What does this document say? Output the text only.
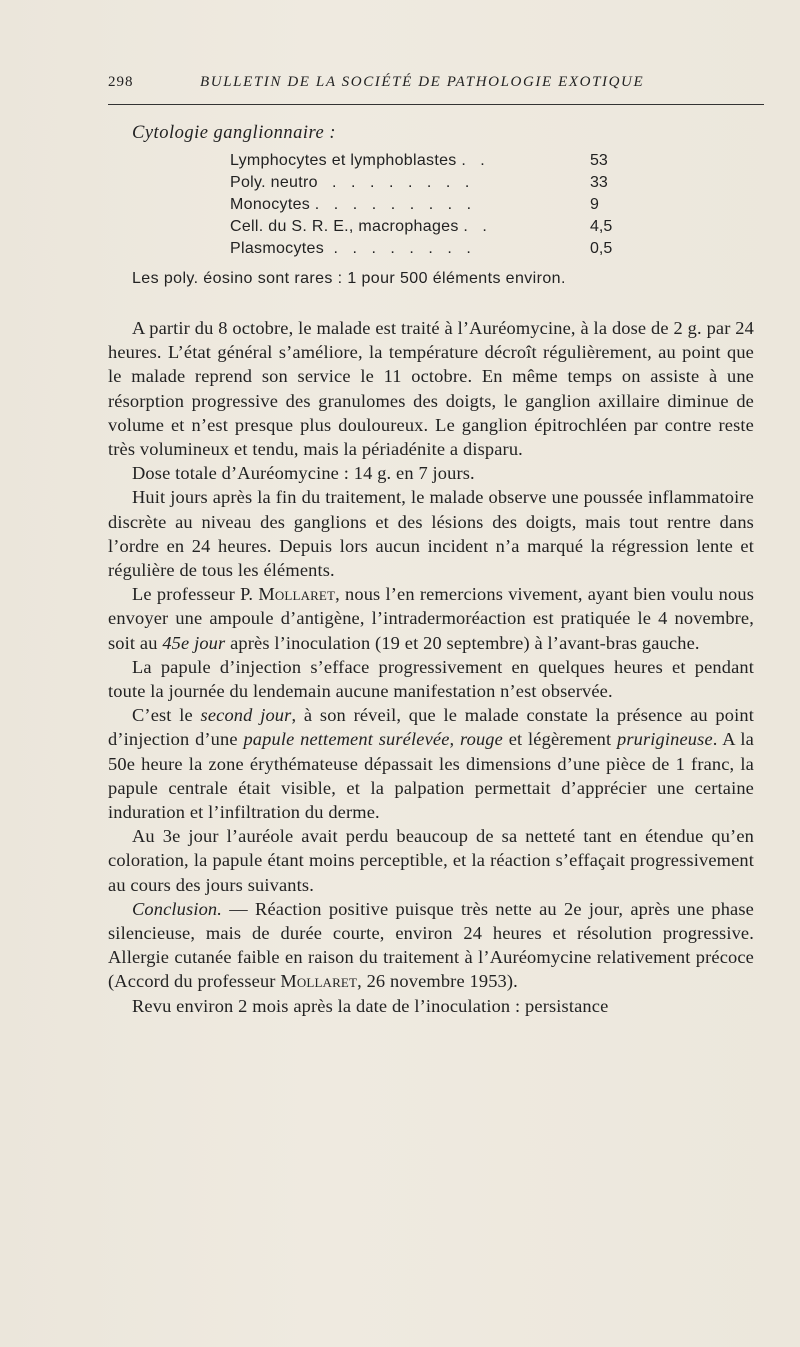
298	BULLETIN DE LA SOCIÉTÉ DE PATHOLOGIE EXOTIQUE
Cytologie ganglionnaire :
Lymphocytes et lymphoblastes .   .	53
Poly. neutro   .   .   .   .   .   .   .   .	33
Monocytes .   .   .   .   .   .   .   .   .	9
Cell. du S. R. E., macrophages .   .	4,5
Plasmocytes  .   .   .   .   .   .   .   .	0,5
Les poly. éosino sont rares : 1 pour 500 éléments environ.

A partir du 8 octobre, le malade est traité à l’Auréomycine, à la dose de 2 g. par 24 heures. L’état général s’améliore, la température décroît régulièrement, au point que le malade reprend son service le 11 octobre. En même temps on assiste à une résorption progressive des granulomes des doigts, le ganglion axillaire diminue de volume et n’est presque plus douloureux. Le ganglion épitrochléen par contre reste très volumineux et tendu, mais la périadénite a disparu.

Dose totale d’Auréomycine : 14 g. en 7 jours.

Huit jours après la fin du traitement, le malade observe une poussée inflammatoire discrète au niveau des ganglions et des lésions des doigts, mais tout rentre dans l’ordre en 24 heures. Depuis lors aucun incident n’a marqué la régression lente et régulière de tous les éléments.

Le professeur P. Mollaret, nous l’en remercions vivement, ayant bien voulu nous envoyer une ampoule d’antigène, l’intradermoréaction est pratiquée le 4 novembre, soit au 45e jour après l’inoculation (19 et 20 septembre) à l’avant-bras gauche.

La papule d’injection s’efface progressivement en quelques heures et pendant toute la journée du lendemain aucune manifestation n’est observée.

C’est le second jour, à son réveil, que le malade constate la présence au point d’injection d’une papule nettement surélevée, rouge et légèrement prurigineuse. A la 50e heure la zone érythémateuse dépassait les dimensions d’une pièce de 1 franc, la papule centrale était visible, et la palpation permettait d’apprécier une certaine induration et l’infiltration du derme.

Au 3e jour l’auréole avait perdu beaucoup de sa netteté tant en étendue qu’en coloration, la papule étant moins perceptible, et la réaction s’effaçait progressivement au cours des jours suivants.

Conclusion. — Réaction positive puisque très nette au 2e jour, après une phase silencieuse, mais de durée courte, environ 24 heures et résolution progressive. Allergie cutanée faible en raison du traitement à l’Auréomycine relativement précoce (Accord du professeur Mollaret, 26 novembre 1953).

Revu environ 2 mois après la date de l’inoculation : persistance
